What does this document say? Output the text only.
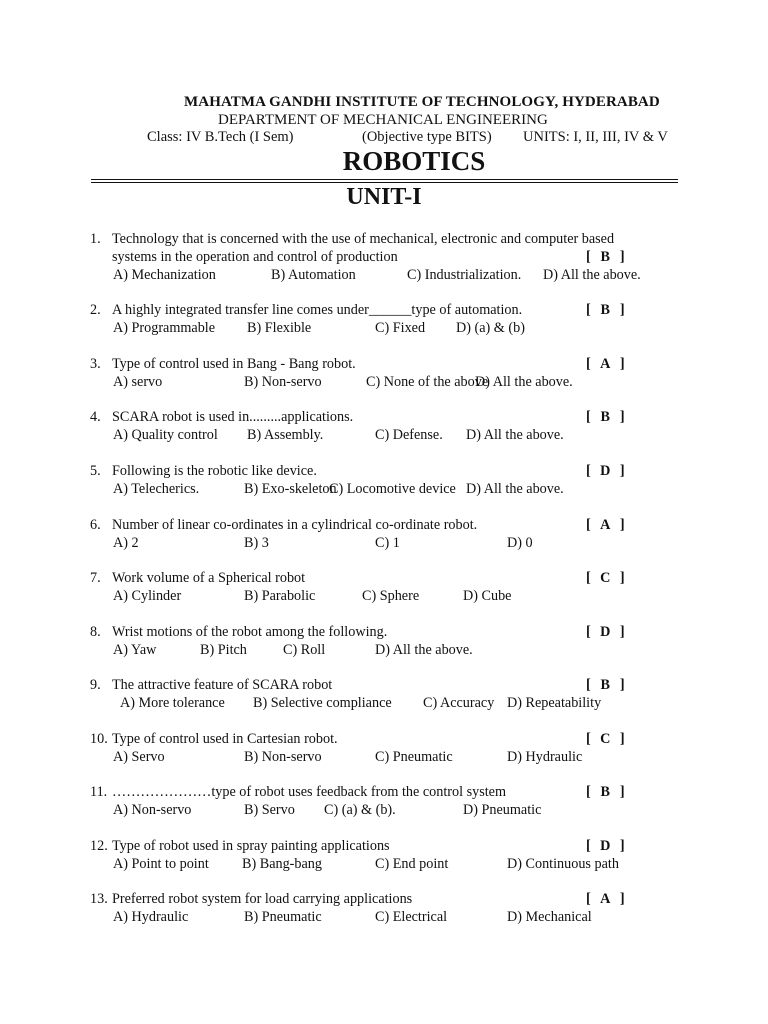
MAHATMA GANDHI INSTITUTE OF TECHNOLOGY, HYDERABAD
DEPARTMENT OF MECHANICAL ENGINEERING
Class: IV B.Tech (I Sem)	(Objective type BITS) UNITS: I, II, III, IV & V
ROBOTICS
UNIT-I
1. Technology that is concerned with the use of mechanical, electronic and computer based
systems in the operation and control of production	[ B ]
A) Mechanization	B) Automation	C) Industrialization. D) All the above.
2. A highly integrated transfer line comes under______type of automation.	[ B ]
A) Programmable B) Flexible	C) Fixed D) (a) & (b)
3. Type of control used in Bang - Bang robot.	[ A ]
A) servo	B) Non-servo	C) None of the above
D) All the above.
4. SCARA robot is used in.........applications.	[ B ]
A) Quality control B) Assembly.	C) Defense. D) All the above.
5. Following is the robotic like device.	[ D ]
A) Telecherics.	B) Exo-skeleton
C) Locomotive device D) All the above.
6. Number of linear co-ordinates in a cylindrical co-ordinate robot.	[ A ]
A) 2	B) 3	C) 1	D) 0
7. Work volume of a Spherical robot	[ C ]
A) Cylinder	B) Parabolic	C) Sphere	D) Cube
8. Wrist motions of the robot among the following.	[ D ]
A) Yaw	B) Pitch	C) Roll	D) All the above.
9. The attractive feature of SCARA robot	[ B ]
A) More tolerance B) Selective compliance C) Accuracy D) Repeatability
10. Type of control used in Cartesian robot.	[ C ]
A) Servo	B) Non-servo	C) Pneumatic	D) Hydraulic
11. …………………type of robot uses feedback from the control system	[ B ]
A) Non-servo	B) Servo C) (a) & (b).	D) Pneumatic
12. Type of robot used in spray painting applications	[ D ]
A) Point to point B) Bang-bang	C) End point	D) Continuous path
13. Preferred robot system for load carrying applications	[ A ]
A) Hydraulic	B) Pneumatic	C) Electrical	D) Mechanical
